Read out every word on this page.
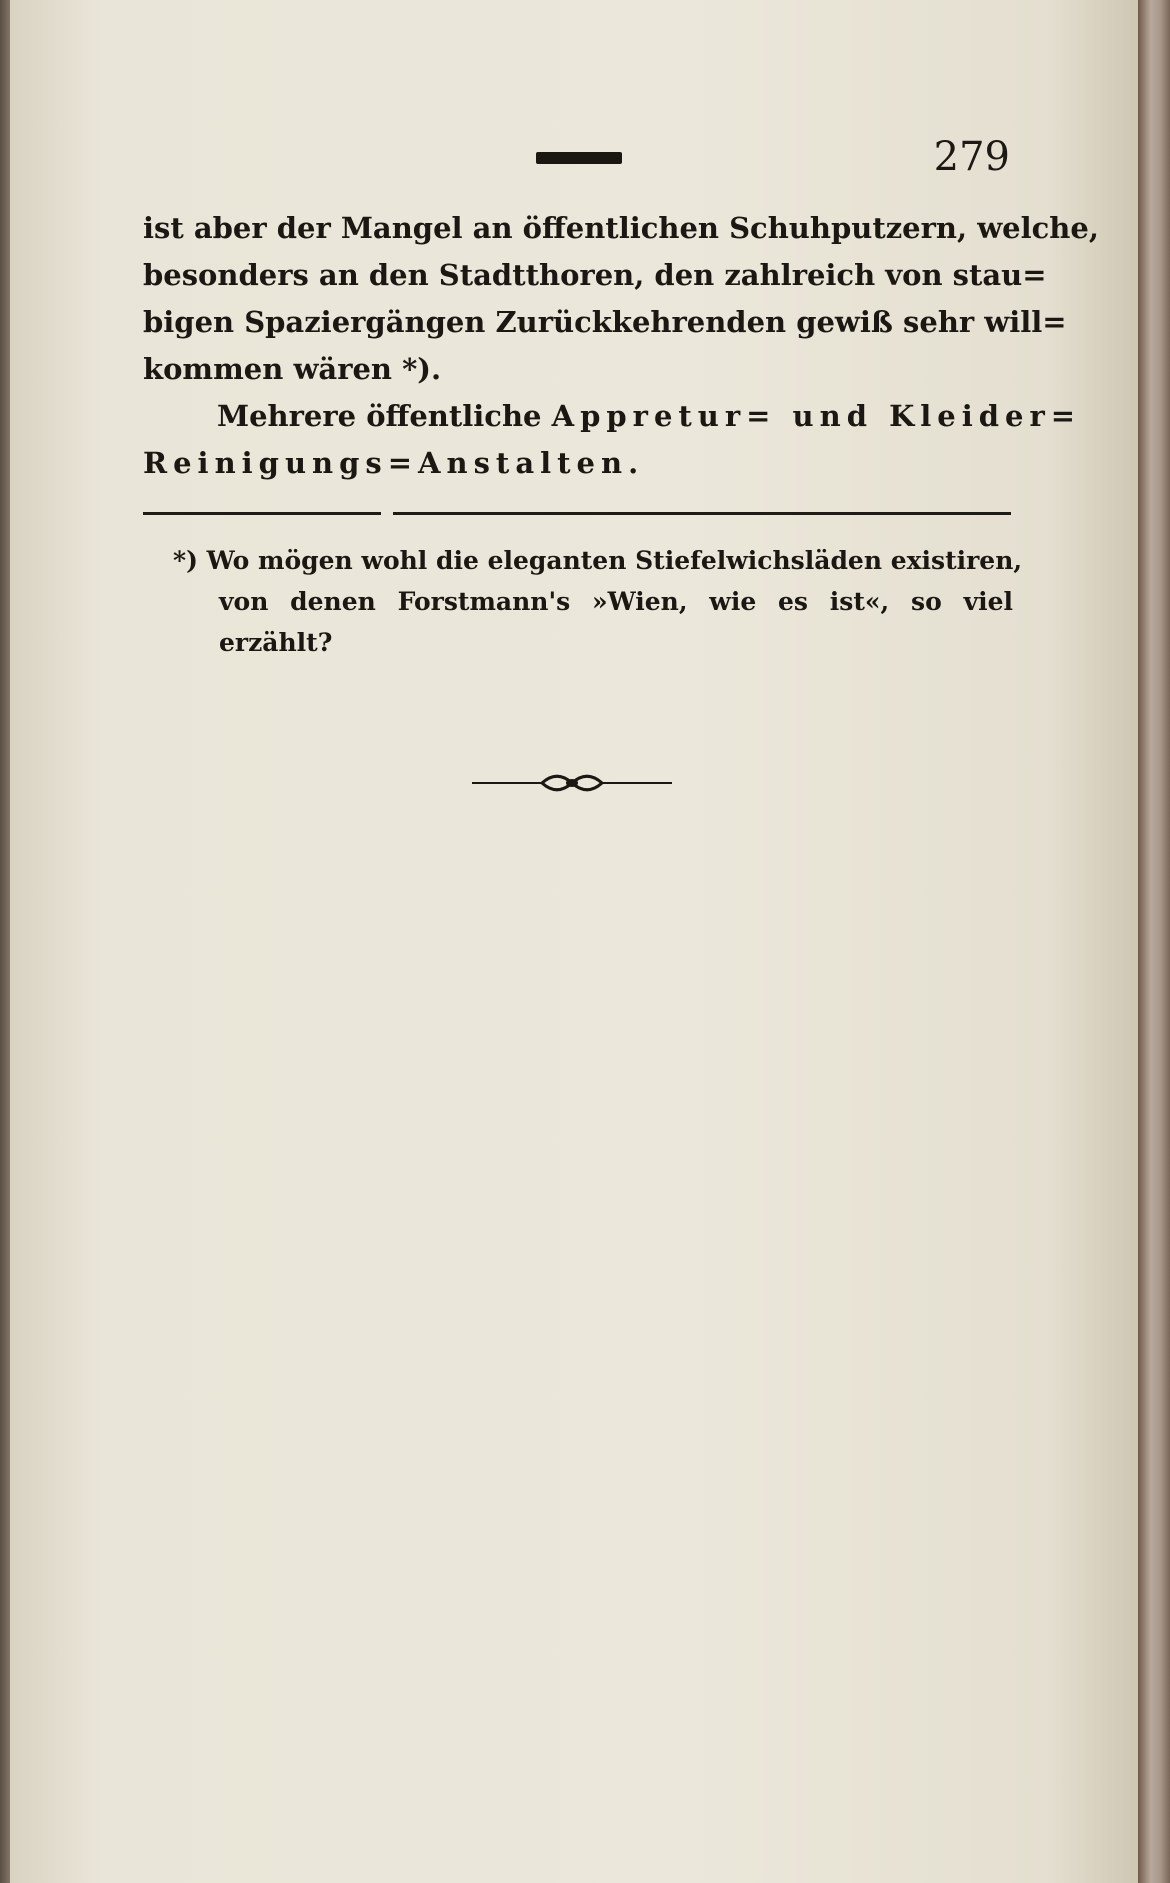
279
ist aber der Mangel an öffentlichen Schuhputzern, welche,
besonders an den Stadtthoren, den zahlreich von stau=
bigen Spaziergängen Zurückkehrenden gewiß sehr will=
kommen wären *).
Mehrere öffentliche Appretur= und Kleider=
Reinigungs=Anstalten.
*) Wo mögen wohl die eleganten Stiefelwichsläden existiren,
von denen Forstmann's »Wien, wie es ist«, so viel
erzählt?
